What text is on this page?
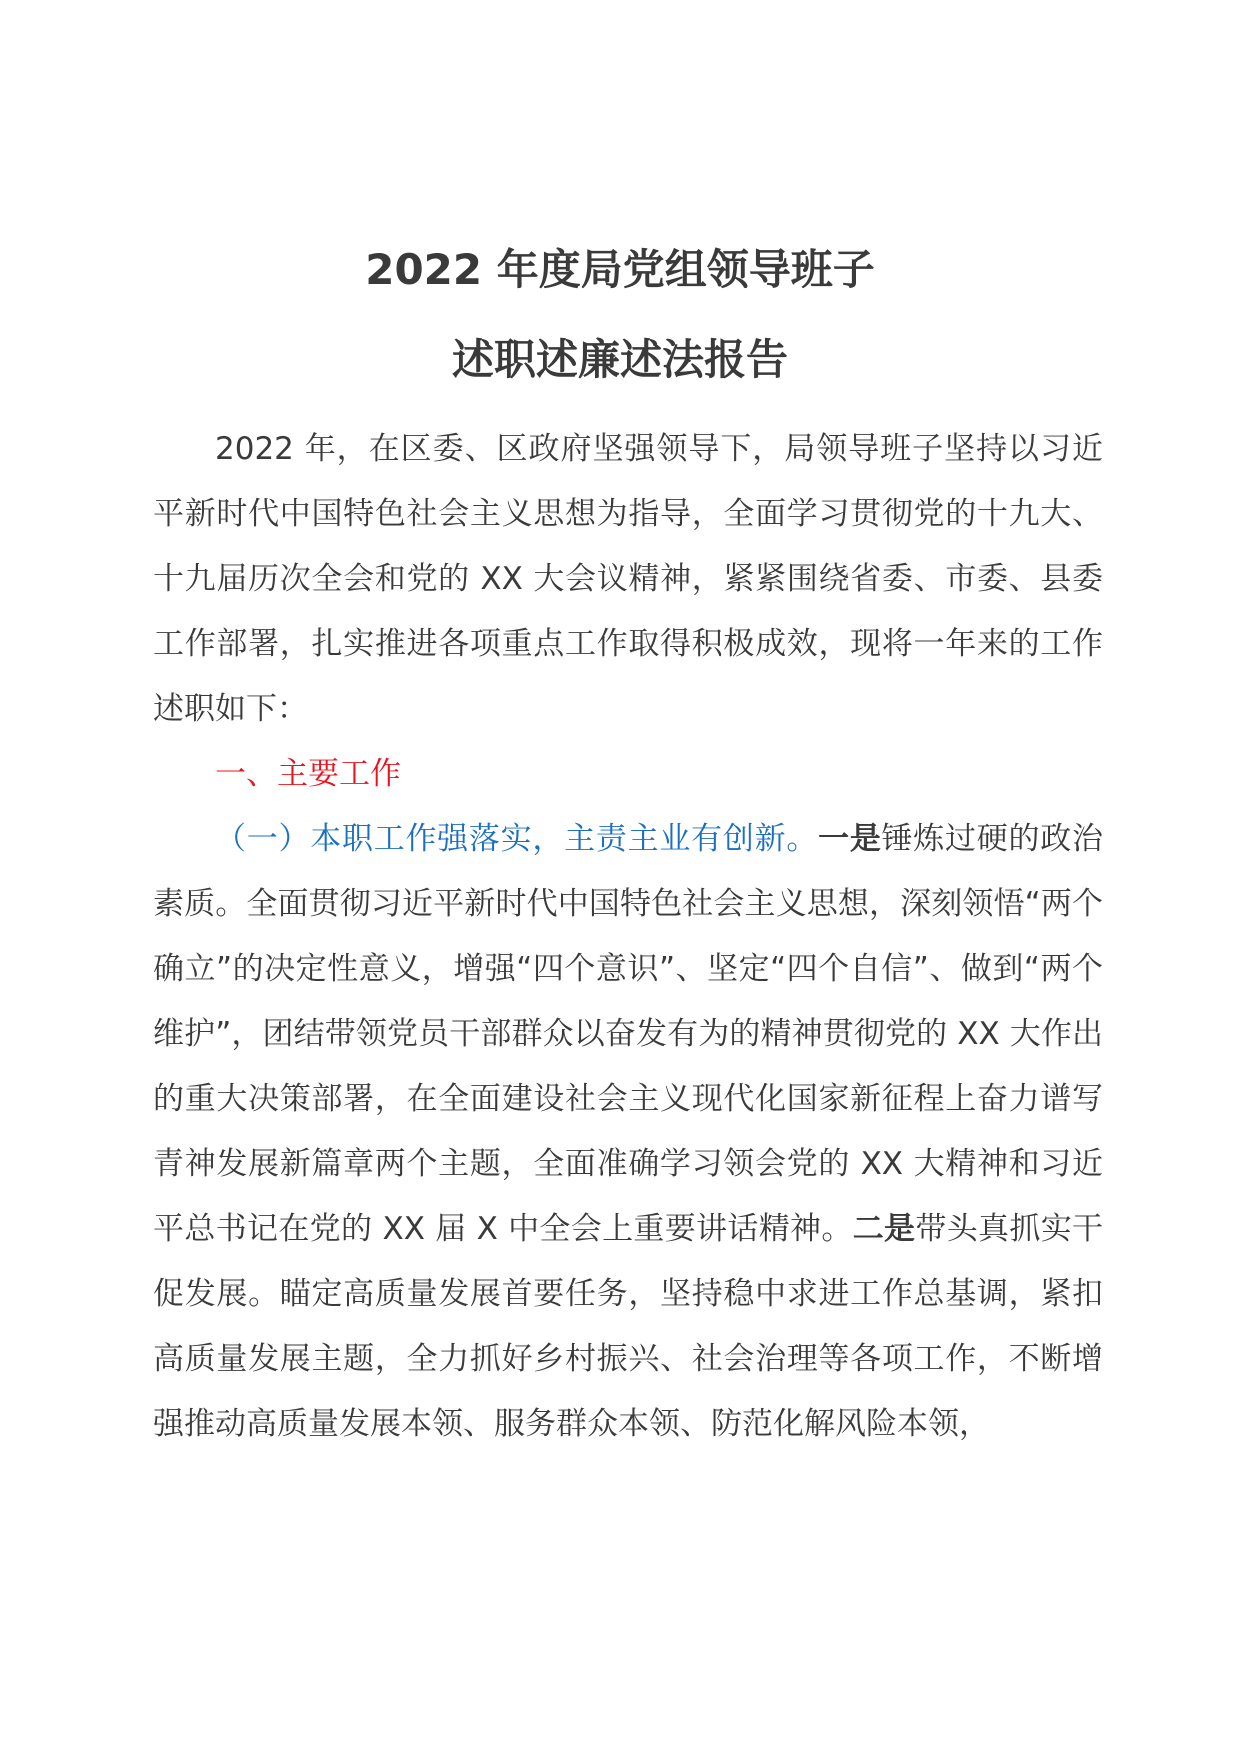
2022 年度局党组领导班子
述职述廉述法报告

2022 年，在区委、区政府坚强领导下，局领导班子坚持以习近平新时代中国特色社会主义思想为指导，全面学习贯彻党的十九大、十九届历次全会和党的 XX 大会议精神，紧紧围绕省委、市委、县委工作部署，扎实推进各项重点工作取得积极成效，现将一年来的工作述职如下：

一、主要工作

（一）本职工作强落实，主责主业有创新。一是锤炼过硬的政治素质。全面贯彻习近平新时代中国特色社会主义思想，深刻领悟“两个确立”的决定性意义，增强“四个意识”、坚定“四个自信”、做到“两个维护”，团结带领党员干部群众以奋发有为的精神贯彻党的 XX 大作出的重大决策部署，在全面建设社会主义现代化国家新征程上奋力谱写青神发展新篇章两个主题，全面准确学习领会党的 XX 大精神和习近平总书记在党的 XX 届 X 中全会上重要讲话精神。二是带头真抓实干促发展。瞄定高质量发展首要任务，坚持稳中求进工作总基调，紧扣高质量发展主题，全力抓好乡村振兴、社会治理等各项工作，不断增强推动高质量发展本领、服务群众本领、防范化解风险本领，
